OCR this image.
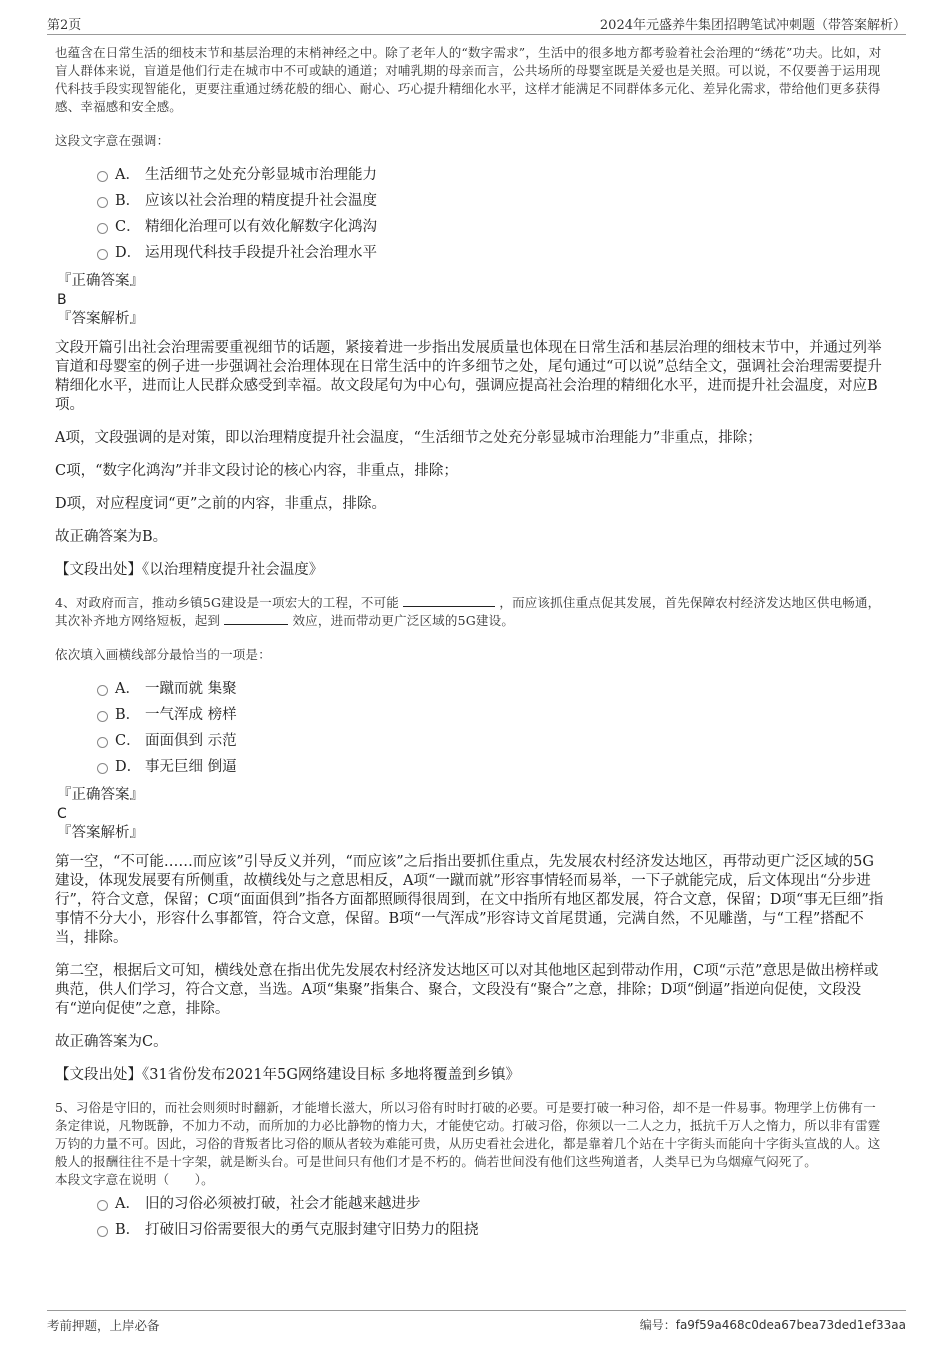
第2页	2024年元盛养牛集团招聘笔试冲刺题（带答案解析）

也蕴含在日常生活的细枝末节和基层治理的末梢神经之中。除了老年人的“数字需求”，生活中的很多地方都考验着社会治理的“绣花”功夫。比如，对盲人群体来说，盲道是他们行走在城市中不可或缺的通道；对哺乳期的母亲而言，公共场所的母婴室既是关爱也是关照。可以说，不仅要善于运用现代科技手段实现智能化，更要注重通过绣花般的细心、耐心、巧心提升精细化水平，这样才能满足不同群体多元化、差异化需求，带给他们更多获得感、幸福感和安全感。

这段文字意在强调：

A． 生活细节之处充分彰显城市治理能力
B． 应该以社会治理的精度提升社会温度
C． 精细化治理可以有效化解数字化鸿沟
D． 运用现代科技手段提升社会治理水平
『正确答案』
B
『答案解析』

文段开篇引出社会治理需要重视细节的话题，紧接着进一步指出发展质量也体现在日常生活和基层治理的细枝末节中，并通过列举盲道和母婴室的例子进一步强调社会治理体现在日常生活中的许多细节之处，尾句通过“可以说”总结全文，强调社会治理需要提升精细化水平，进而让人民群众感受到幸福。故文段尾句为中心句，强调应提高社会治理的精细化水平，进而提升社会温度，对应B项。

A项，文段强调的是对策，即以治理精度提升社会温度，“生活细节之处充分彰显城市治理能力”非重点，排除；

C项，“数字化鸿沟”并非文段讨论的核心内容，非重点，排除；

D项，对应程度词“更”之前的内容，非重点，排除。

故正确答案为B。

【文段出处】《以治理精度提升社会温度》

4、对政府而言，推动乡镇5G建设是一项宏大的工程，不可能	，而应该抓住重点促其发展，首先保障农村经济发达地区供电畅通，其次补齐地方网络短板，起到	效应，进而带动更广泛区域的5G建设。

依次填入画横线部分最恰当的一项是：

A． 一蹴而就 集聚
B． 一气浑成 榜样
C． 面面俱到 示范
D． 事无巨细 倒逼
『正确答案』
C
『答案解析』

第一空，“不可能……而应该”引导反义并列，“而应该”之后指出要抓住重点，先发展农村经济发达地区，再带动更广泛区域的5G建设，体现发展要有所侧重，故横线处与之意思相反，A项“一蹴而就”形容事情轻而易举，一下子就能完成，后文体现出“分步进行”，符合文意，保留；C项“面面俱到”指各方面都照顾得很周到，在文中指所有地区都发展，符合文意，保留；D项“事无巨细”指事情不分大小，形容什么事都管，符合文意，保留。B项“一气浑成”形容诗文首尾贯通，完满自然，不见雕凿，与“工程”搭配不当，排除。

第二空，根据后文可知，横线处意在指出优先发展农村经济发达地区可以对其他地区起到带动作用，C项“示范”意思是做出榜样或典范，供人们学习，符合文意，当选。A项“集聚”指集合、聚合，文段没有“聚合”之意，排除；D项“倒逼”指逆向促使，文段没有“逆向促使”之意，排除。

故正确答案为C。

【文段出处】《31省份发布2021年5G网络建设目标 多地将覆盖到乡镇》

5、习俗是守旧的，而社会则须时时翻新，才能增长滋大，所以习俗有时时打破的必要。可是要打破一种习俗，却不是一件易事。物理学上仿佛有一条定律说，凡物既静，不加力不动，而所加的力必比静物的惰力大，才能使它动。打破习俗，你须以一二人之力，抵抗千万人之惰力，所以非有雷霆万钧的力量不可。因此，习俗的背叛者比习俗的顺从者较为难能可贵，从历史看社会进化，都是靠着几个站在十字街头而能向十字街头宣战的人。这般人的报酬往往不是十字架，就是断头台。可是世间只有他们才是不朽的。倘若世间没有他们这些殉道者，人类早已为乌烟瘴气闷死了。

本段文字意在说明（　　）。

A． 旧的习俗必须被打破，社会才能越来越进步
B． 打破旧习俗需要很大的勇气克服封建守旧势力的阻挠
考前押题，上岸必备	编号：fa9f59a468c0dea67bea73ded1ef33aa
